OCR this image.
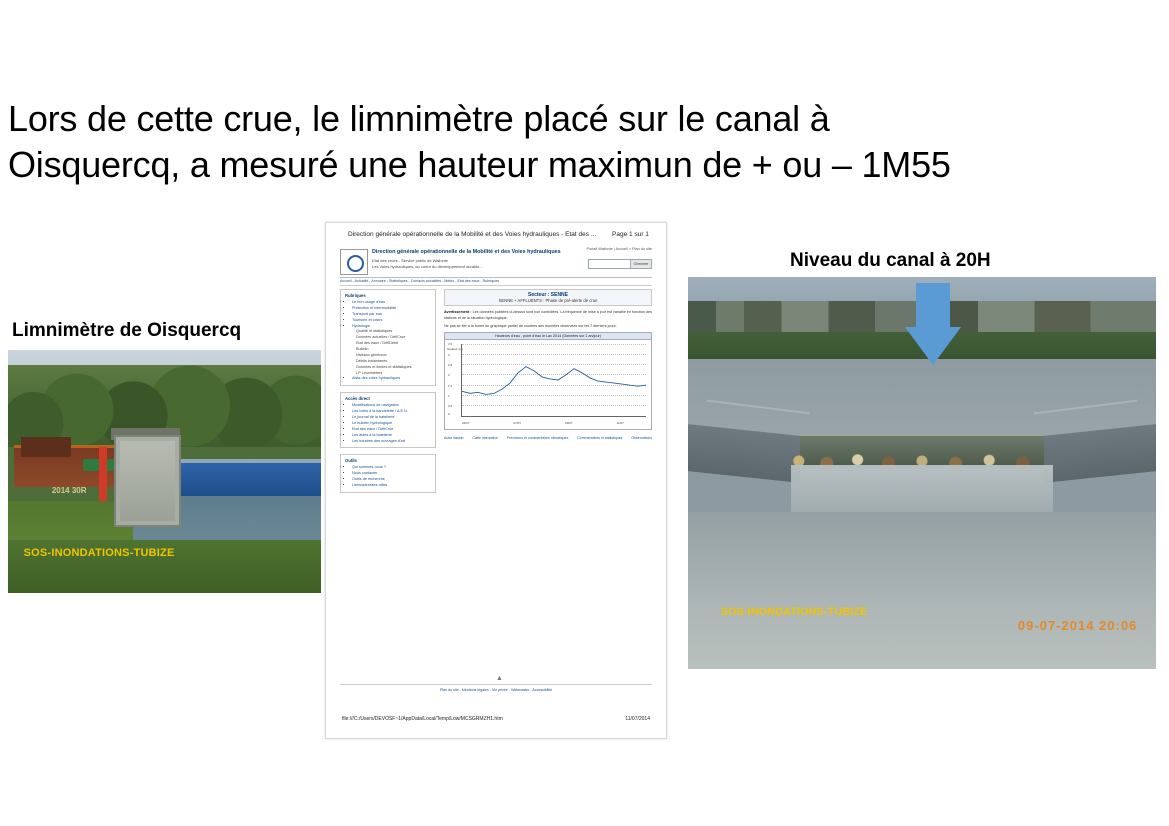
Lors de cette crue, le limnimètre placé sur le canal à
Oisquercq, a mesuré une hauteur maximun de + ou – 1M55
Limnimètre de Oisquercq
2014 30R
SOS-INONDATIONS-TUBIZE
Direction générale opérationnelle de la Mobilité et des Voies hydrauliques - Etat des ... Page 1 sur 1
Direction générale opérationnelle de la Mobilité et des Voies hydrauliques
Etat des crues - Service public de Wallonie
Les Voies hydrauliques, au coeur du développement durable...
Portail Wallonie | Accueil > Plan du site
Chercher
Accueil - Actualité - Annuaire - Statistiques - Contacts actualités - Météo - Etat des eaux - Rubriques
Rubriques
▪ Le bon usage d'eau
▪ Protection et intermodalité
▪ Transport par eau
▪ Tourisme et loisirs
▪ Hydrologie
Qualité et statistiques
Données actuelles / DéfiCrue
Etat des eaux / DéfiDébit
Bulletin
Niveaux généraux
Débits instantanés
Données et limites et statistiques
LP Limnimètres
▪ Atlas des voies hydrauliques
Accès direct
▪ Modélisations de navigation
▪ Les voies à la bandelette / A.E.N.
▪ Le journal de la batellerie
▪ Le bulletin hydrologique
▪ Etat des eaux / DéfiCrue
▪ Les aides à la batellerie
▪ Les horaires des ouvrages d'art
Outils
▪ Qui sommes-nous ?
▪ Nous contacter
▪ Outils de recherche
▪ Liens/adresses utiles
Secteur : SENNE
SENNE + AFFLUENTS : Phase de pré-alerte de crue
Avertissement : Les données publiées ci-dessus sont non contrôlées. La fréquence de mise à jour est variable en fonction des stations et de la situation hydrologique.
Ne pas se fier à la forme du graphique partiel de courbes des données observées sur les 7 derniers jours.
Hauteurs d'eau - point d'eau le Lac 2014 (Données sur 1 an/jour)
Hauteur (m)
3.5
3
2.5
2
1.5
1
0.5
0
04/07	07/07	09/07	11/07
Autre bassin	Carte interactive	Prévisions et commentaires climatiques	Commentaires et statistiques	Observations
▲
Plan du site - Mentions légales - Vie privée - Webmaster - Accessibilité
file:///C:/Users/DEVOSF~1/AppData/Local/Temp/Low/MCSGRMZH1.htm	11/07/2014
Niveau du canal à 20H
SOS-INONDATIONS-TUBIZE
09-07-2014 20:06
